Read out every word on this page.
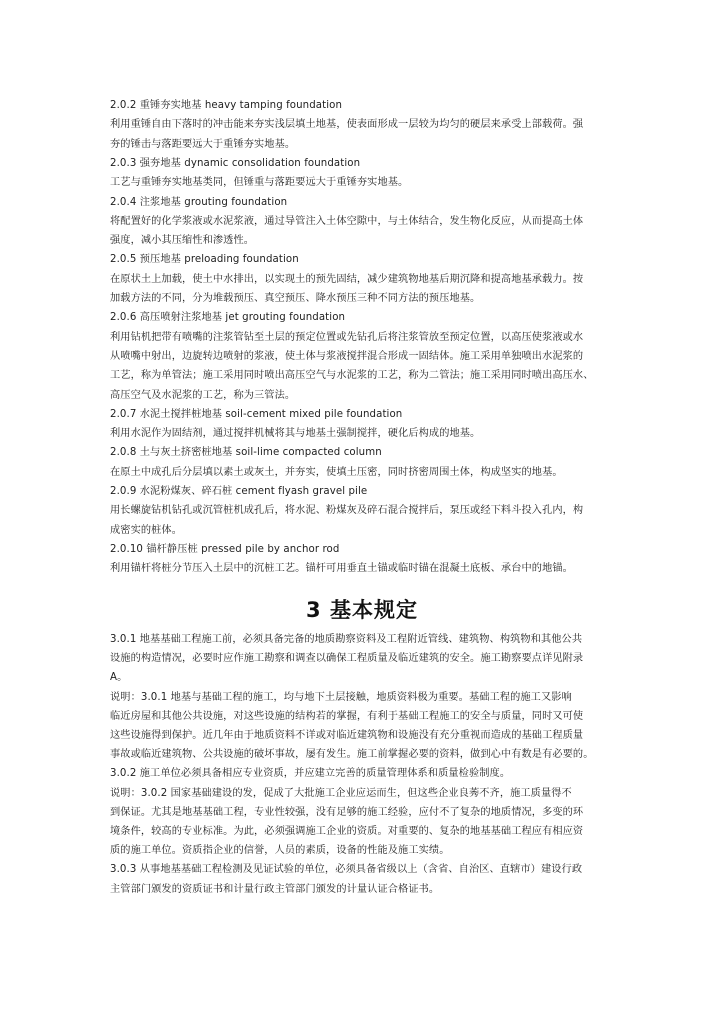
2.0.2 重锤夯实地基 heavy tamping foundation
利用重锤自由下落时的冲击能来夯实浅层填土地基，使表面形成一层较为均匀的硬层来承受上部载荷。强
夯的锤击与落距要远大于重锤夯实地基。
2.0.3 强夯地基 dynamic consolidation foundation
工艺与重锤夯实地基类同，但锤重与落距要远大于重锤夯实地基。
2.0.4 注浆地基 grouting foundation
将配置好的化学浆液或水泥浆液，通过导管注入土体空隙中，与土体结合，发生物化反应，从而提高土体
强度，减小其压缩性和渗透性。
2.0.5 预压地基 preloading foundation
在原状土上加载，使土中水排出，以实现土的预先固结，减少建筑物地基后期沉降和提高地基承载力。按
加载方法的不同，分为堆载预压、真空预压、降水预压三种不同方法的预压地基。
2.0.6 高压喷射注浆地基 jet grouting foundation
利用钻机把带有喷嘴的注浆管钻至土层的预定位置或先钻孔后将注浆管放至预定位置，以高压使浆液或水
从喷嘴中射出，边旋转边喷射的浆液，使土体与浆液搅拌混合形成一固结体。施工采用单独喷出水泥浆的
工艺，称为单管法；施工采用同时喷出高压空气与水泥浆的工艺，称为二管法；施工采用同时喷出高压水、
高压空气及水泥浆的工艺，称为三管法。
2.0.7 水泥土搅拌桩地基 soil-cement mixed pile foundation
利用水泥作为固结剂，通过搅拌机械将其与地基土强制搅拌，硬化后构成的地基。
2.0.8 土与灰土挤密桩地基 soil-lime compacted column
在原土中成孔后分层填以素土或灰土，并夯实，使填土压密，同时挤密周围土体，构成坚实的地基。
2.0.9 水泥粉煤灰、碎石桩 cement flyash gravel pile
用长螺旋钻机钻孔或沉管桩机成孔后，将水泥、粉煤灰及碎石混合搅拌后，泵压或经下料斗投入孔内，构
成密实的桩体。
2.0.10 锚杆静压桩 pressed pile by anchor rod
利用锚杆将桩分节压入土层中的沉桩工艺。锚杆可用垂直土锚或临时锚在混凝土底板、承台中的地锚。
3 基本规定
3.0.1 地基基础工程施工前，必须具备完备的地质勘察资料及工程附近管线、建筑物、构筑物和其他公共
设施的构造情况，必要时应作施工勘察和调查以确保工程质量及临近建筑的安全。施工勘察要点详见附录
A。
说明：3.0.1 地基与基础工程的施工，均与地下土层接触，地质资料极为重要。基础工程的施工又影响
临近房屋和其他公共设施，对这些设施的结构若的掌握，有利于基础工程施工的安全与质量，同时又可使
这些设施得到保护。近几年由于地质资料不详或对临近建筑物和设施没有充分重视而造成的基础工程质量
事故或临近建筑物、公共设施的破坏事故，屡有发生。施工前掌握必要的资料，做到心中有数是有必要的。
3.0.2 施工单位必须具备相应专业资质，并应建立完善的质量管理体系和质量检验制度。
说明：3.0.2 国家基础建设的发，促成了大批施工企业应运而生，但这些企业良莠不齐，施工质量得不
到保证。尤其是地基基础工程，专业性较强，没有足够的施工经验，应付不了复杂的地质情况，多变的环
境条件，较高的专业标准。为此，必须强调施工企业的资质。对重要的、复杂的地基基础工程应有相应资
质的施工单位。资质指企业的信誉，人员的素质，设备的性能及施工实绩。
3.0.3 从事地基基础工程检测及见证试验的单位，必须具备省级以上（含省、自治区、直辖市）建设行政
主管部门颁发的资质证书和计量行政主管部门颁发的计量认证合格证书。
